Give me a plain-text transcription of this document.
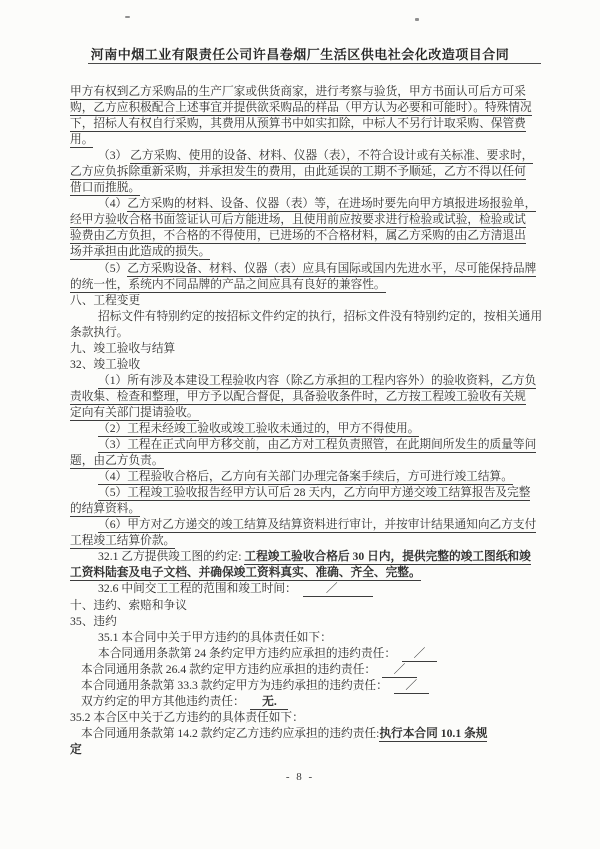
河南中烟工业有限责任公司许昌卷烟厂生活区供电社会化改造项目合同
甲方有权到乙方采购品的生产厂家或供货商家，进行考察与验货，甲方书面认可后方可采
购，乙方应积极配合上述事宜并提供欲采购品的样品（甲方认为必要和可能时）。特殊情况
下，招标人有权自行采购，其费用从预算书中如实扣除，中标人不另行计取采购、保管费
用。
（3） 乙方采购、使用的设备、材料、仪器（表），不符合设计或有关标准、要求时，
乙方应负拆除重新采购，并承担发生的费用，由此延误的工期不予顺延，乙方不得以任何
借口而推脱。
（4）乙方采购的材料、设备、仪器（表）等，在进场时要先向甲方填报进场报验单，
经甲方验收合格书面签证认可后方能进场，且使用前应按要求进行检验或试验，检验或试
验费由乙方负担，不合格的不得使用，已进场的不合格材料，属乙方采购的由乙方清退出
场并承担由此造成的损失。
（5）乙方采购设备、材料、仪器（表）应具有国际或国内先进水平，尽可能保持品牌
的统一性，系统内不同品牌的产品之间应具有良好的兼容性。
八、工程变更
招标文件有特别约定的按招标文件约定的执行，招标文件没有特别约定的，按相关通用
条款执行。
九、竣工验收与结算
32、竣工验收
（1）所有涉及本建设工程验收内容（除乙方承担的工程内容外）的验收资料，乙方负
责收集、检查和整理，甲方予以配合督促，具备验收条件时，乙方按工程竣工验收有关规
定向有关部门提请验收。
（2）工程未经竣工验收或竣工验收未通过的，甲方不得使用。
（3）工程在正式向甲方移交前，由乙方对工程负责照管，在此期间所发生的质量等问
题，由乙方负责。
（4）工程验收合格后，乙方向有关部门办理完备案手续后，方可进行竣工结算。
（5）工程竣工验收报告经甲方认可后 28 天内，乙方向甲方递交竣工结算报告及完整
的结算资料。
（6）甲方对乙方递交的竣工结算及结算资料进行审计，并按审计结果通知向乙方支付
工程竣工结算价款。
32.1 乙方提供竣工图的约定: 工程竣工验收合格后 30 日内，提供完整的竣工图纸和竣
工资料陆套及电子文档、并确保竣工资料真实、准确、齐全、完整。
32.6 中间交工工程的范围和竣工时间：　　　／　　　
十、违约、索赔和争议
35、违约
35.1 本合同中关于甲方违约的具体责任如下：
本合同通用条款第 24 条约定甲方违约应承担的违约责任：　　／　
本合同通用条款 26.4 款约定甲方违约应承担的违约责任：　　／　
本合同通用条款第 33.3 款约定甲方为违约承担的违约责任：　　／　
双方约定的甲方其他违约责任：　　无.　
35.2 本合区中关于乙方违约的具体责任如下：
本合同通用条款第 14.2 款约定乙方违约应承担的违约责任:执行本合同 10.1 条规
定
- 8 -
